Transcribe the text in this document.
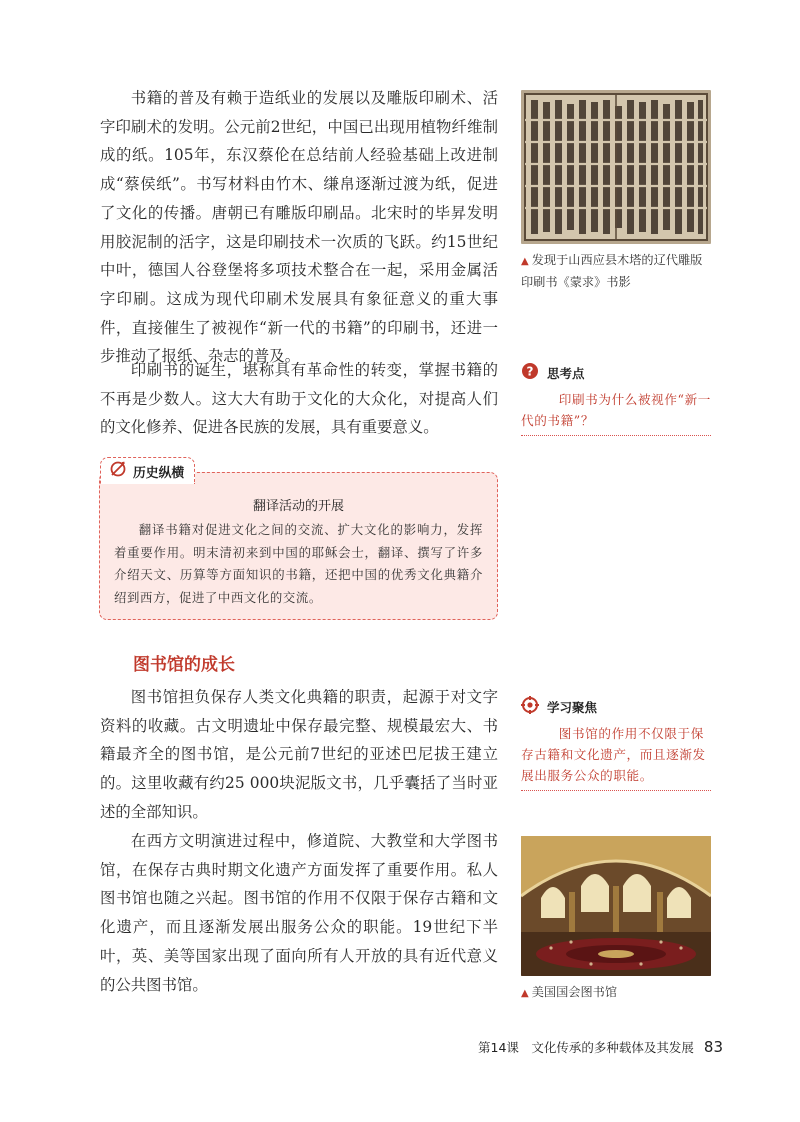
书籍的普及有赖于造纸业的发展以及雕版印刷术、活字印刷术的发明。公元前2世纪，中国已出现用植物纤维制成的纸。105年，东汉蔡伦在总结前人经验基础上改进制成“蔡侯纸”。书写材料由竹木、缣帛逐渐过渡为纸，促进了文化的传播。唐朝已有雕版印刷品。北宋时的毕昇发明用胶泥制的活字，这是印刷技术一次质的飞跃。约15世纪中叶，德国人谷登堡将多项技术整合在一起，采用金属活字印刷。这成为现代印刷术发展具有象征意义的重大事件，直接催生了被视作“新一代的书籍”的印刷书，还进一步推动了报纸、杂志的普及。

印刷书的诞生，堪称具有革命性的转变，掌握书籍的不再是少数人。这大大有助于文化的大众化，对提高人们的文化修养、促进各民族的发展，具有重要意义。

历史纵横
翻译活动的开展
翻译书籍对促进文化之间的交流、扩大文化的影响力，发挥着重要作用。明末清初来到中国的耶稣会士，翻译、撰写了许多介绍天文、历算等方面知识的书籍，还把中国的优秀文化典籍介绍到西方，促进了中西文化的交流。
图书馆的成长

图书馆担负保存人类文化典籍的职责，起源于对文字资料的收藏。古文明遗址中保存最完整、规模最宏大、书籍最齐全的图书馆，是公元前7世纪的亚述巴尼拔王建立的。这里收藏有约25 000块泥版文书，几乎囊括了当时亚述的全部知识。

在西方文明演进过程中，修道院、大教堂和大学图书馆，在保存古典时期文化遗产方面发挥了重要作用。私人图书馆也随之兴起。图书馆的作用不仅限于保存古籍和文化遗产，而且逐渐发展出服务公众的职能。19世纪下半叶，英、美等国家出现了面向所有人开放的具有近代意义的公共图书馆。

▲ 发现于山西应县木塔的辽代雕版印刷书《蒙求》书影
? 思考点
印刷书为什么被视作“新一代的书籍”？
学习聚焦
图书馆的作用不仅限于保存古籍和文化遗产，而且逐渐发展出服务公众的职能。
▲ 美国国会图书馆
第14课　文化传承的多种载体及其发展 83
